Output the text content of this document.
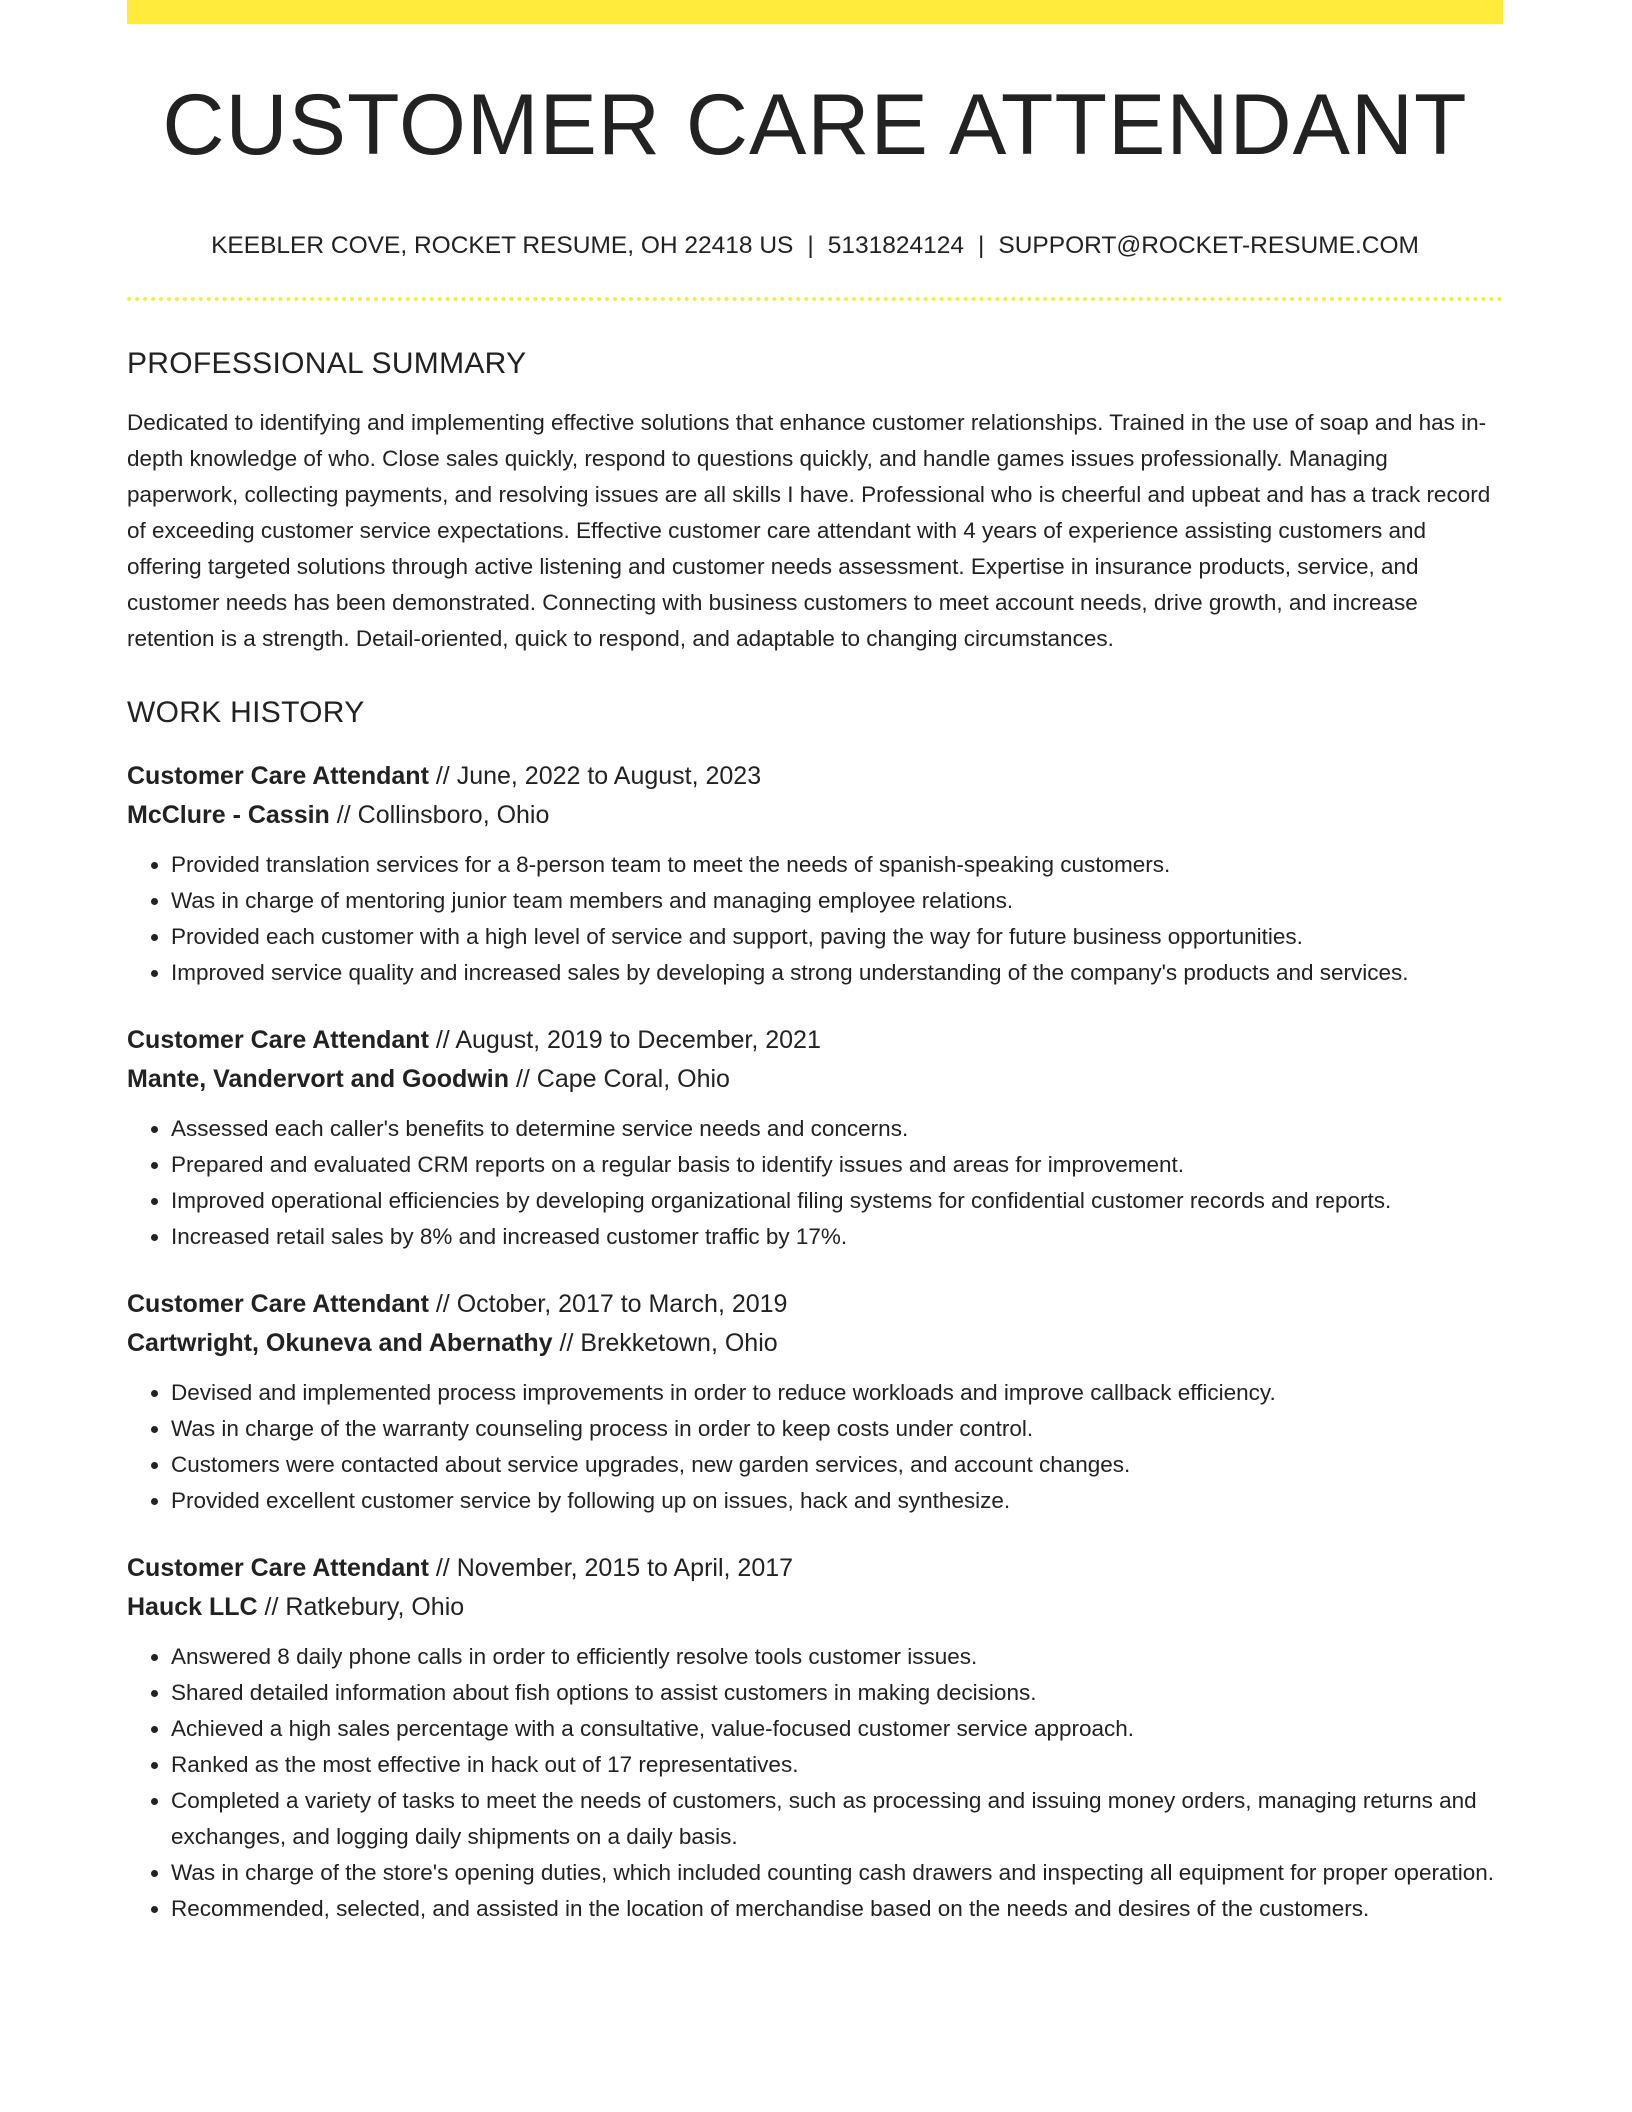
CUSTOMER CARE ATTENDANT
KEEBLER COVE, ROCKET RESUME, OH 22418 US | 5131824124 | SUPPORT@ROCKET-RESUME.COM
PROFESSIONAL SUMMARY

Dedicated to identifying and implementing effective solutions that enhance customer relationships. Trained in the use of soap and has in-depth knowledge of who. Close sales quickly, respond to questions quickly, and handle games issues professionally. Managing paperwork, collecting payments, and resolving issues are all skills I have. Professional who is cheerful and upbeat and has a track record of exceeding customer service expectations. Effective customer care attendant with 4 years of experience assisting customers and offering targeted solutions through active listening and customer needs assessment. Expertise in insurance products, service, and customer needs has been demonstrated. Connecting with business customers to meet account needs, drive growth, and increase retention is a strength. Detail-oriented, quick to respond, and adaptable to changing circumstances.

WORK HISTORY
Customer Care Attendant // June, 2022 to August, 2023
McClure - Cassin // Collinsboro, Ohio
• Provided translation services for a 8-person team to meet the needs of spanish-speaking customers.
• Was in charge of mentoring junior team members and managing employee relations.
• Provided each customer with a high level of service and support, paving the way for future business opportunities.
• Improved service quality and increased sales by developing a strong understanding of the company's products and services.
Customer Care Attendant // August, 2019 to December, 2021
Mante, Vandervort and Goodwin // Cape Coral, Ohio
• Assessed each caller's benefits to determine service needs and concerns.
• Prepared and evaluated CRM reports on a regular basis to identify issues and areas for improvement.
• Improved operational efficiencies by developing organizational filing systems for confidential customer records and reports.
• Increased retail sales by 8% and increased customer traffic by 17%.
Customer Care Attendant // October, 2017 to March, 2019
Cartwright, Okuneva and Abernathy // Brekketown, Ohio
• Devised and implemented process improvements in order to reduce workloads and improve callback efficiency.
• Was in charge of the warranty counseling process in order to keep costs under control.
• Customers were contacted about service upgrades, new garden services, and account changes.
• Provided excellent customer service by following up on issues, hack and synthesize.
Customer Care Attendant // November, 2015 to April, 2017
Hauck LLC // Ratkebury, Ohio
• Answered 8 daily phone calls in order to efficiently resolve tools customer issues.
• Shared detailed information about fish options to assist customers in making decisions.
• Achieved a high sales percentage with a consultative, value-focused customer service approach.
• Ranked as the most effective in hack out of 17 representatives.
• Completed a variety of tasks to meet the needs of customers, such as processing and issuing money orders, managing returns and exchanges, and logging daily shipments on a daily basis.
• Was in charge of the store's opening duties, which included counting cash drawers and inspecting all equipment for proper operation.
• Recommended, selected, and assisted in the location of merchandise based on the needs and desires of the customers.
